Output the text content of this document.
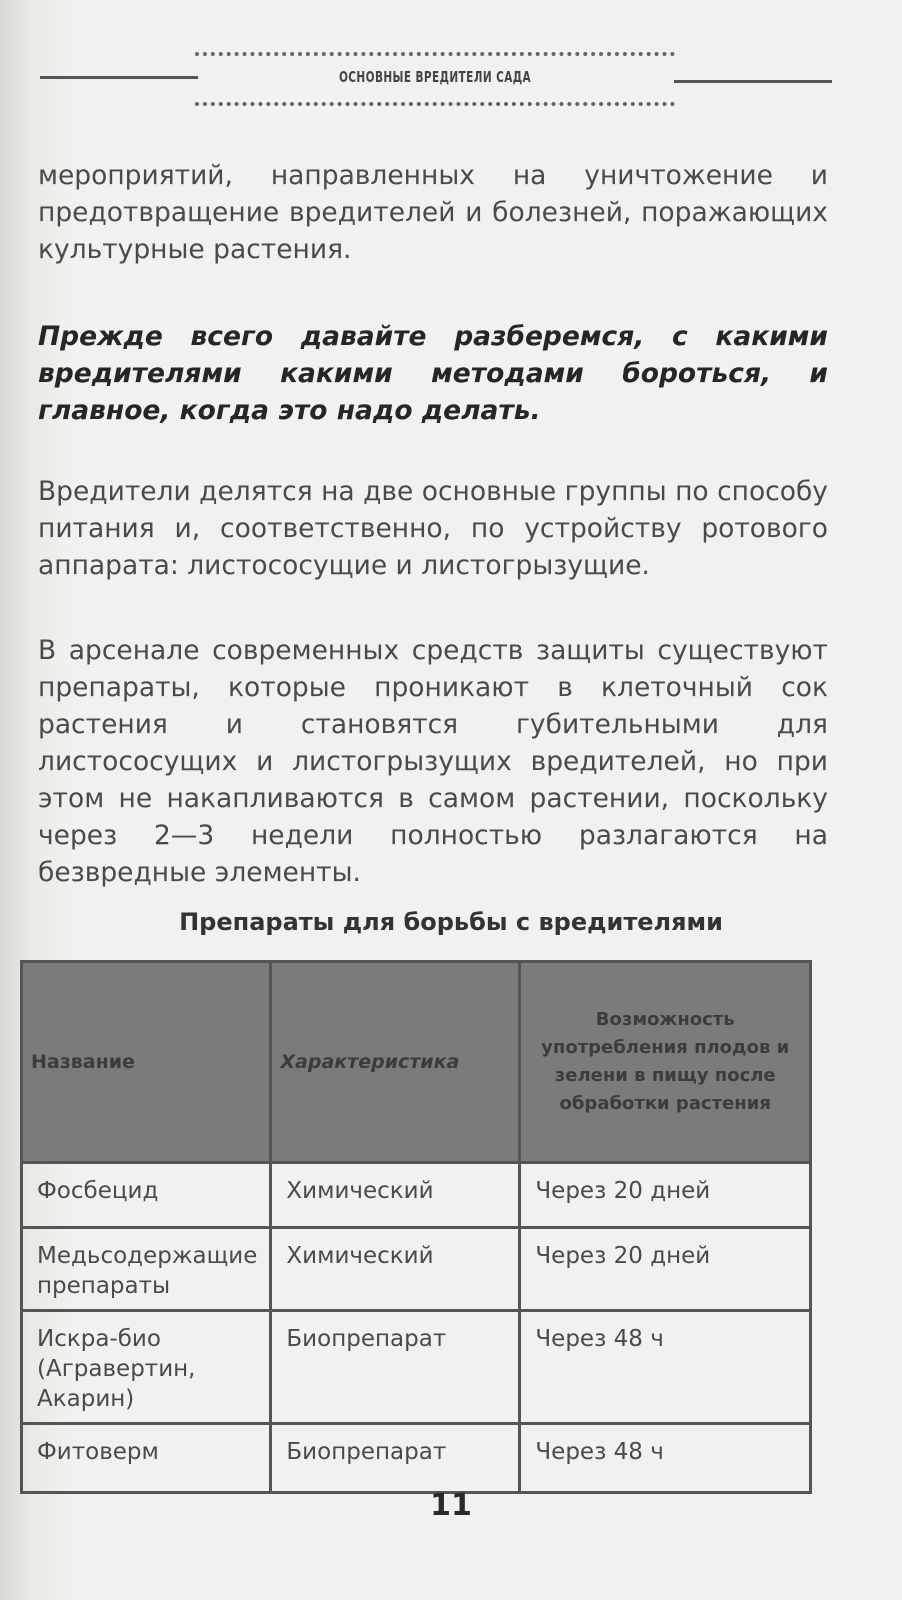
ОСНОВНЫЕ ВРЕДИТЕЛИ САДА
мероприятий, направленных на уничтожение и предотвращение вредителей и болезней, поражающих культурные растения.
Прежде всего давайте разберемся, с какими вредителями какими методами бороться, и главное, когда это надо делать.
Вредители делятся на две основные группы по способу питания и, соответственно, по устройству ротового аппарата: листососущие и листогрызущие.
В арсенале современных средств защиты существуют препараты, которые проникают в клеточный сок растения и становятся губительными для листососущих и листогрызущих вредителей, но при этом не накапливаются в самом растении, поскольку через 2—3 недели полностью разлагаются на безвредные элементы.
Препараты для борьбы с вредителями
Название	Характеристика	Возможность употребления плодов и зелени в пищу после обработки растения
Фосбецид	Химический	Через 20 дней
Медьсодержащие препараты	Химический	Через 20 дней
Искра-био (Агравертин, Акарин)	Биопрепарат	Через 48 ч
Фитоверм	Биопрепарат	Через 48 ч
11
